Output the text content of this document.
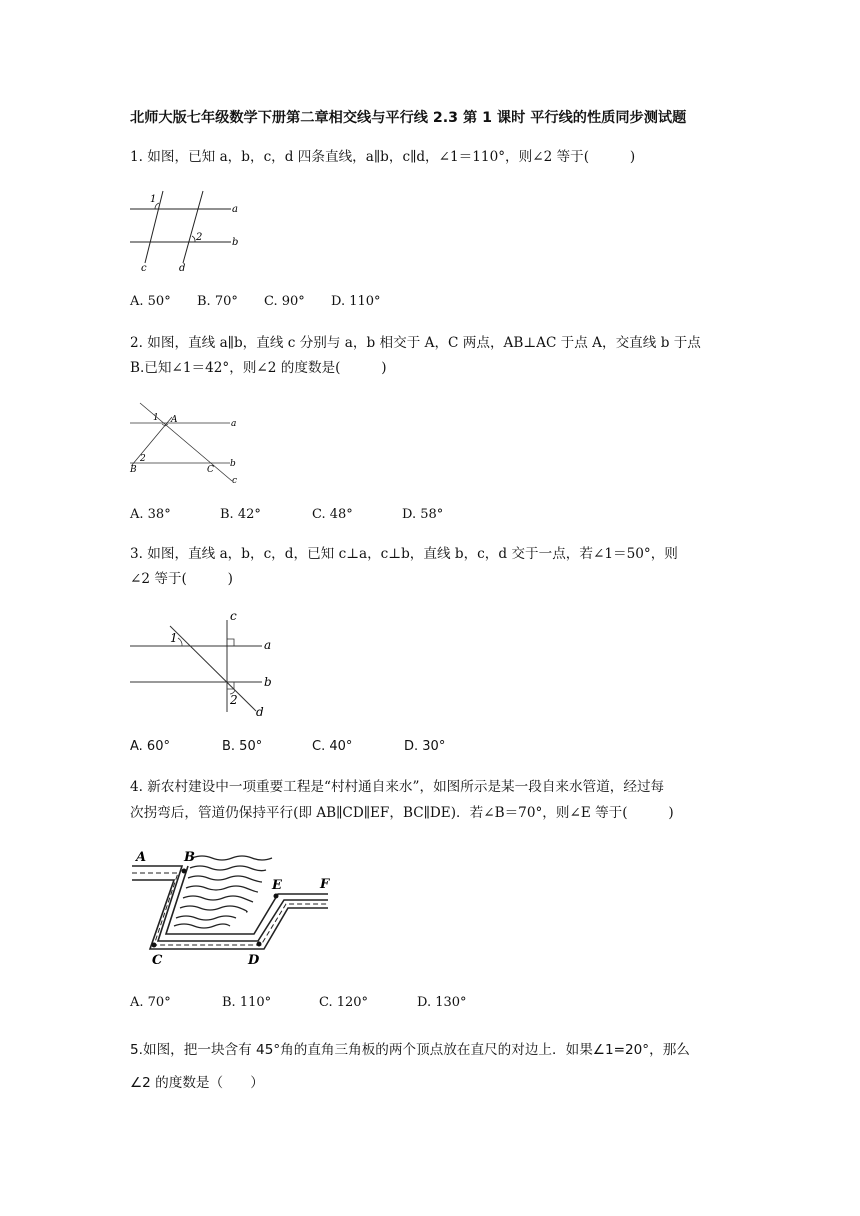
北师大版七年级数学下册第二章相交线与平行线 2.3 第 1 课时 平行线的性质同步测试题
1. 如图，已知 a，b，c，d 四条直线，a∥b，c∥d，∠1＝110°，则∠2 等于(　　　)
1
2
a
b
c	d
A. 50° B. 70° C. 90° D. 110°
2. 如图，直线 a∥b，直线 c 分别与 a，b 相交于 A，C 两点，AB⊥AC 于点 A，交直线 b 于点
B.已知∠1＝42°，则∠2 的度数是(　　　)
1 A	a
B
2
C
b
c
A. 38°	B. 42°	C. 48°	D. 58°
3. 如图，直线 a，b，c，d，已知 c⊥a，c⊥b，直线 b，c，d 交于一点，若∠1＝50°，则
∠2 等于(　　　)
c
1	a
b
2
d
A. 60°	B. 50°	C. 40°	D. 30°
4. 新农村建设中一项重要工程是“村村通自来水”，如图所示是某一段自来水管道，经过每
次拐弯后，管道仍保持平行(即 AB∥CD∥EF，BC∥DE)．若∠B＝70°，则∠E 等于(　　　)
A	B
E	F
C	D
A. 70°	B. 110°	C. 120°	D. 130°
5.如图，把一块含有 45°角的直角三角板的两个顶点放在直尺的对边上．如果∠1=20°，那么
∠2 的度数是（　　）
